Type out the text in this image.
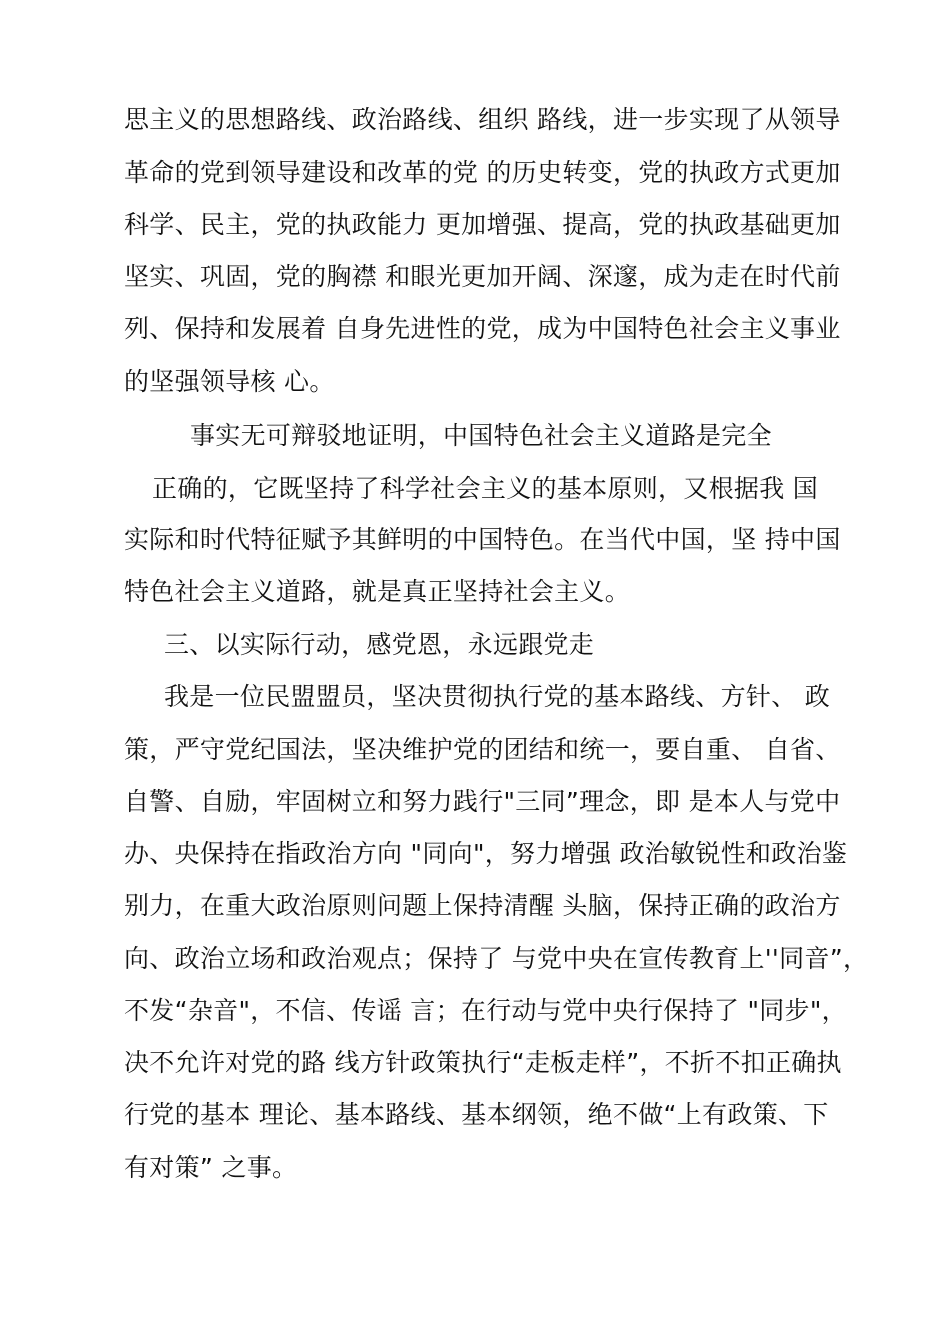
思主义的思想路线、政治路线、组织 路线，进一步实现了从领导
革命的党到领导建设和改革的党 的历史转变，党的执政方式更加
科学、民主，党的执政能力 更加增强、提高，党的执政基础更加
坚实、巩固，党的胸襟 和眼光更加开阔、深邃，成为走在时代前
列、保持和发展着 自身先进性的党，成为中国特色社会主义事业
的坚强领导核 心。
事实无可辩驳地证明，中国特色社会主义道路是完全
正确的，它既坚持了科学社会主义的基本原则，又根据我 国
实际和时代特征赋予其鲜明的中国特色。在当代中国，坚 持中国
特色社会主义道路，就是真正坚持社会主义。
三、以实际行动，感党恩，永远跟党走
我是一位民盟盟员，坚决贯彻执行党的基本路线、方针、 政
策，严守党纪国法，坚决维护党的团结和统一，要自重、 自省、
自警、自励，牢固树立和努力践行"三同”理念，即 是本人与党中
办、央保持在指政治方向 "同向"，努力增强 政治敏锐性和政治鉴
别力，在重大政治原则问题上保持清醒 头脑，保持正确的政治方
向、政治立场和政治观点；保持了 与党中央在宣传教育上''同音”，
不发“杂音"，不信、传谣 言；在行动与党中央行保持了 "同步"，
决不允许对党的路 线方针政策执行“走板走样”，不折不扣正确执
行党的基本 理论、基本路线、基本纲领，绝不做“上有政策、下
有对策” 之事。
